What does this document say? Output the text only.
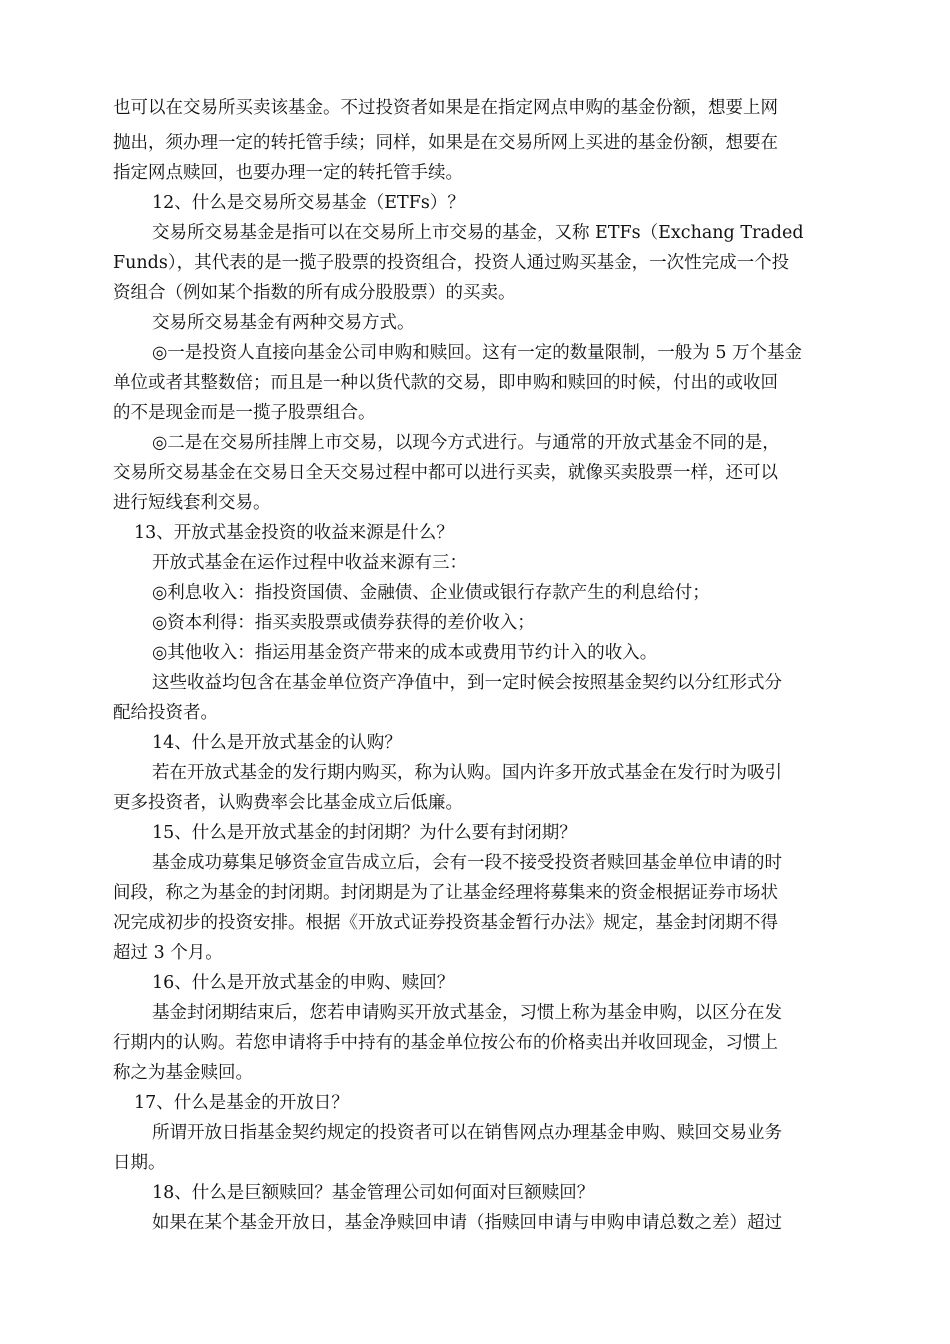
也可以在交易所买卖该基金。不过投资者如果是在指定网点申购的基金份额，想要上网
抛出，须办理一定的转托管手续；同样，如果是在交易所网上买进的基金份额，想要在
指定网点赎回，也要办理一定的转托管手续。
12、什么是交易所交易基金（ETFs）？
交易所交易基金是指可以在交易所上市交易的基金，又称 ETFs（Exchang Traded
Funds），其代表的是一揽子股票的投资组合，投资人通过购买基金，一次性完成一个投
资组合（例如某个指数的所有成分股股票）的买卖。
交易所交易基金有两种交易方式。
◎一是投资人直接向基金公司申购和赎回。这有一定的数量限制，一般为 5 万个基金
单位或者其整数倍；而且是一种以货代款的交易，即申购和赎回的时候，付出的或收回
的不是现金而是一揽子股票组合。
◎二是在交易所挂牌上市交易，以现今方式进行。与通常的开放式基金不同的是，
交易所交易基金在交易日全天交易过程中都可以进行买卖，就像买卖股票一样，还可以
进行短线套利交易。
13、开放式基金投资的收益来源是什么？
开放式基金在运作过程中收益来源有三：
◎利息收入：指投资国债、金融债、企业债或银行存款产生的利息给付；
◎资本利得：指买卖股票或债券获得的差价收入；
◎其他收入：指运用基金资产带来的成本或费用节约计入的收入。
这些收益均包含在基金单位资产净值中，到一定时候会按照基金契约以分红形式分
配给投资者。
14、什么是开放式基金的认购？
若在开放式基金的发行期内购买，称为认购。国内许多开放式基金在发行时为吸引
更多投资者，认购费率会比基金成立后低廉。
15、什么是开放式基金的封闭期？为什么要有封闭期？
基金成功募集足够资金宣告成立后，会有一段不接受投资者赎回基金单位申请的时
间段，称之为基金的封闭期。封闭期是为了让基金经理将募集来的资金根据证券市场状
况完成初步的投资安排。根据《开放式证券投资基金暂行办法》规定，基金封闭期不得
超过 3 个月。
16、什么是开放式基金的申购、赎回？
基金封闭期结束后，您若申请购买开放式基金，习惯上称为基金申购，以区分在发
行期内的认购。若您申请将手中持有的基金单位按公布的价格卖出并收回现金，习惯上
称之为基金赎回。
17、什么是基金的开放日？
所谓开放日指基金契约规定的投资者可以在销售网点办理基金申购、赎回交易业务
日期。
18、什么是巨额赎回？基金管理公司如何面对巨额赎回？
如果在某个基金开放日，基金净赎回申请（指赎回申请与申购申请总数之差）超过
